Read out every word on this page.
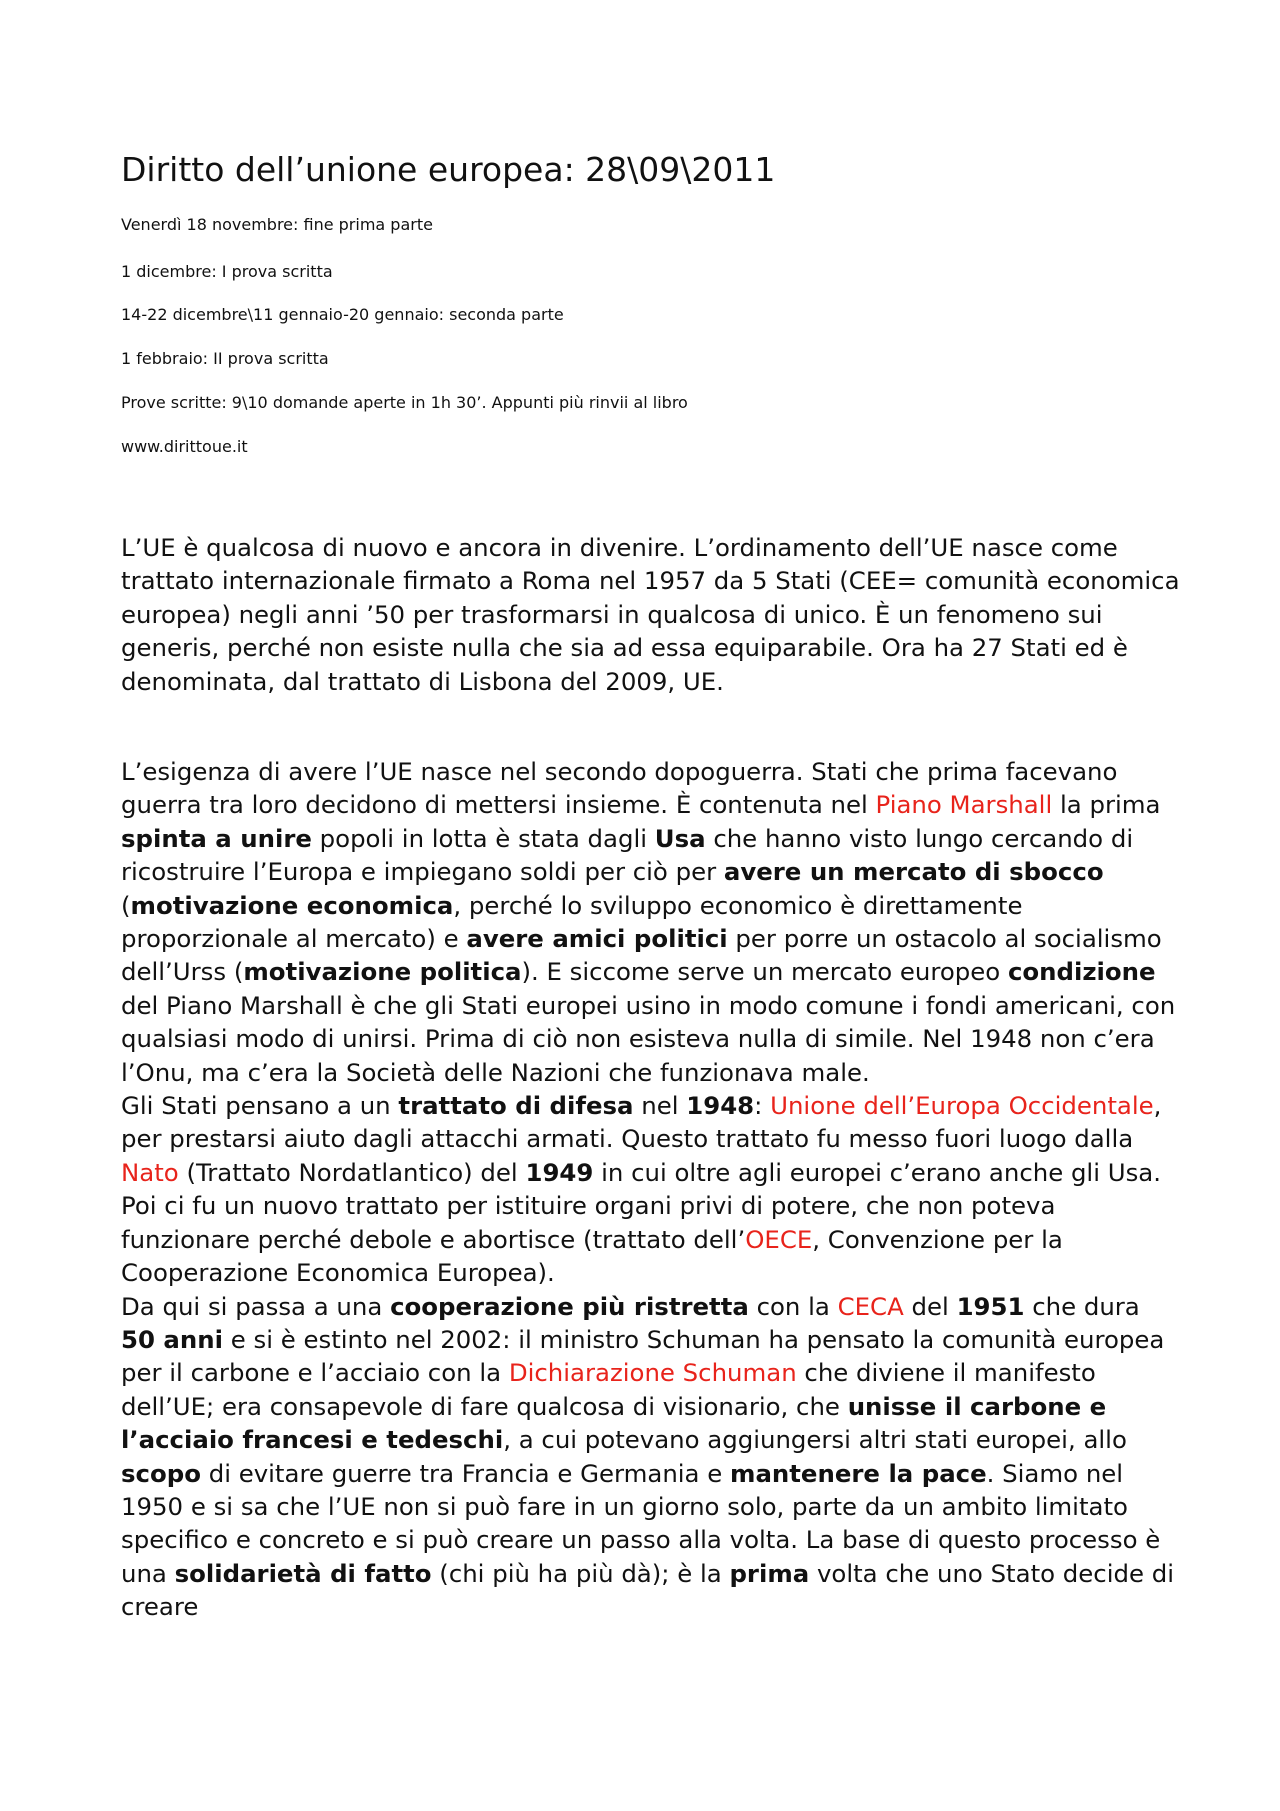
Diritto dell’unione europea: 28\09\2011

Venerdì 18 novembre: fine prima parte

1 dicembre: I prova scritta

14-22 dicembre\11 gennaio-20 gennaio: seconda parte

1 febbraio: II prova scritta

Prove scritte: 9\10 domande aperte in 1h 30’. Appunti più rinvii al libro

www.dirittoue.it

L’UE è qualcosa di nuovo e ancora in divenire. L’ordinamento dell’UE nasce come trattato internazionale firmato a Roma nel 1957 da 5 Stati (CEE= comunità economica europea) negli anni ’50 per trasformarsi in qualcosa di unico. È un fenomeno sui generis, perché non esiste nulla che sia ad essa equiparabile. Ora ha 27 Stati ed è denominata, dal trattato di Lisbona del 2009, UE.

L’esigenza di avere l’UE nasce nel secondo dopoguerra. Stati che prima facevano guerra tra loro decidono di mettersi insieme. È contenuta nel Piano Marshall la prima spinta a unire popoli in lotta è stata dagli Usa che hanno visto lungo cercando di ricostruire l’Europa e impiegano soldi per ciò per avere un mercato di sbocco (motivazione economica, perché lo sviluppo economico è direttamente proporzionale al mercato) e avere amici politici per porre un ostacolo al socialismo dell’Urss (motivazione politica). E siccome serve un mercato europeo condizione del Piano Marshall è che gli Stati europei usino in modo comune i fondi americani, con qualsiasi modo di unirsi. Prima di ciò non esisteva nulla di simile. Nel 1948 non c’era l’Onu, ma c’era la Società delle Nazioni che funzionava male.

Gli Stati pensano a un trattato di difesa nel 1948: Unione dell’Europa Occidentale, per prestarsi aiuto dagli attacchi armati. Questo trattato fu messo fuori luogo dalla Nato (Trattato Nordatlantico) del 1949 in cui oltre agli europei c’erano anche gli Usa.

Poi ci fu un nuovo trattato per istituire organi privi di potere, che non poteva funzionare perché debole e abortisce (trattato dell’OECE, Convenzione per la Cooperazione Economica Europea).

Da qui si passa a una cooperazione più ristretta con la CECA del 1951 che dura 50 anni e si è estinto nel 2002: il ministro Schuman ha pensato la comunità europea per il carbone e l’acciaio con la Dichiarazione Schuman che diviene il manifesto dell’UE; era consapevole di fare qualcosa di visionario, che unisse il carbone e l’acciaio francesi e tedeschi, a cui potevano aggiungersi altri stati europei, allo scopo di evitare guerre tra Francia e Germania e mantenere la pace. Siamo nel 1950 e si sa che l’UE non si può fare in un giorno solo, parte da un ambito limitato specifico e concreto e si può creare un passo alla volta. La base di questo processo è una solidarietà di fatto (chi più ha più dà); è la prima volta che uno Stato decide di creare
